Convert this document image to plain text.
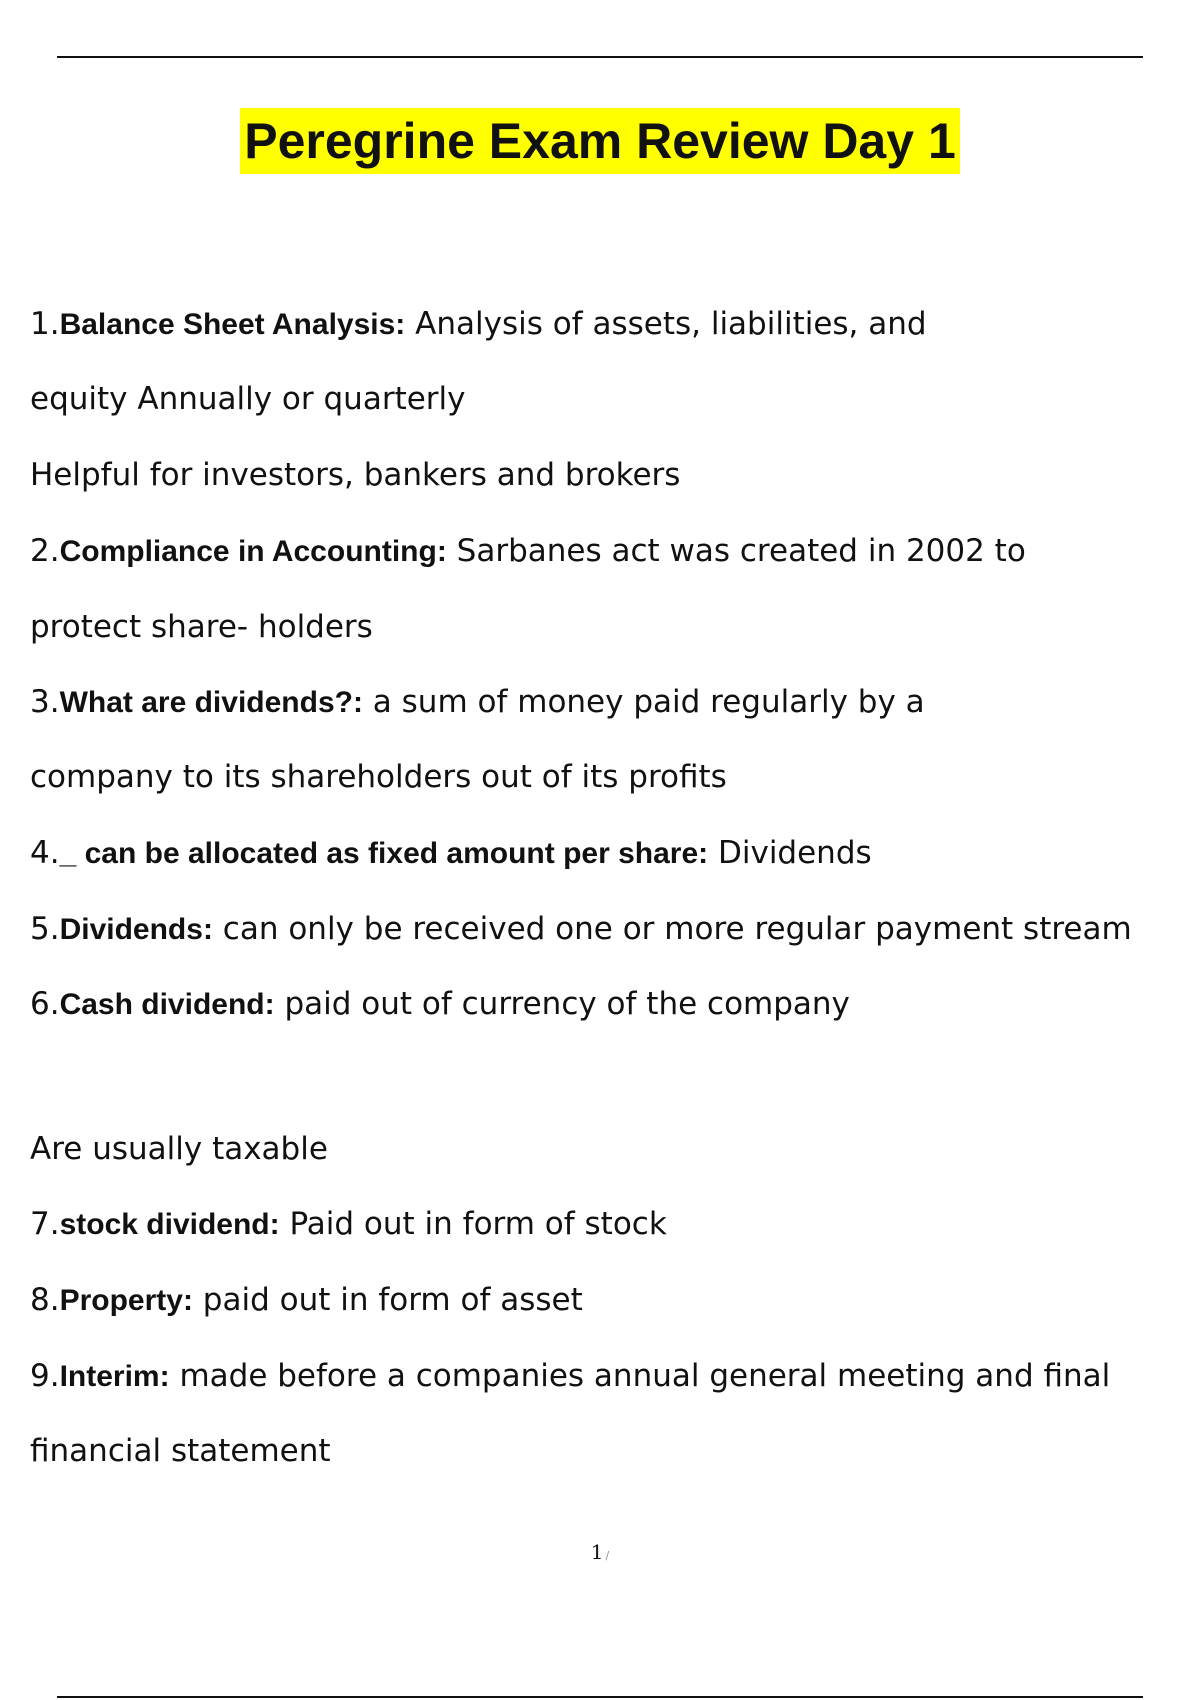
Peregrine Exam Review Day 1
1.Balance Sheet Analysis: Analysis of assets, liabilities, and
equity Annually or quarterly
Helpful for investors, bankers and brokers
2.Compliance in Accounting: Sarbanes act was created in 2002 to
protect share- holders
3.What are dividends?: a sum of money paid regularly by a
company to its shareholders out of its profits
4._ can be allocated as fixed amount per share: Dividends
5.Dividends: can only be received one or more regular payment stream
6.Cash dividend: paid out of currency of the company
Are usually taxable
7.stock dividend: Paid out in form of stock
8.Property: paid out in form of asset
9.Interim: made before a companies annual general meeting and final
financial statement
1 /
